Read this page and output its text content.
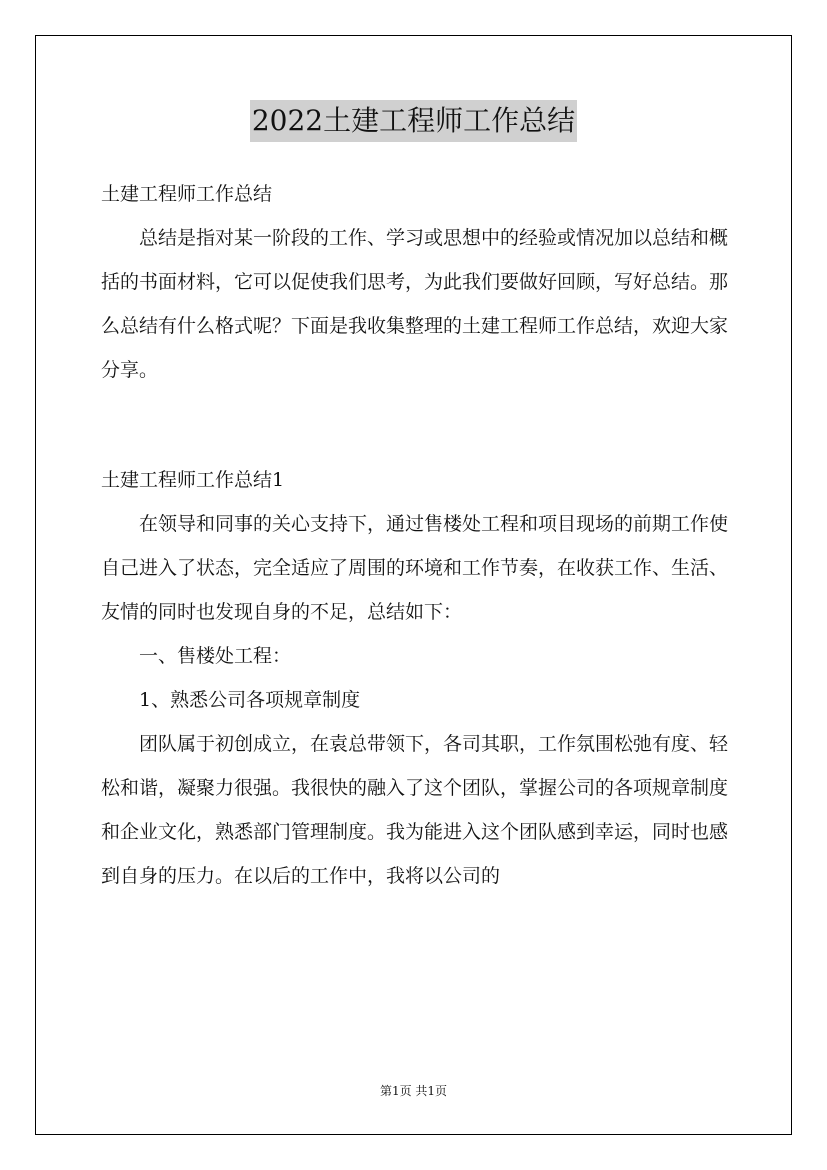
2022土建工程师工作总结

土建工程师工作总结

总结是指对某一阶段的工作、学习或思想中的经验或情况加以总结和概括的书面材料，它可以促使我们思考，为此我们要做好回顾，写好总结。那么总结有什么格式呢？下面是我收集整理的土建工程师工作总结，欢迎大家分享。

土建工程师工作总结1

在领导和同事的关心支持下，通过售楼处工程和项目现场的前期工作使自己进入了状态，完全适应了周围的环境和工作节奏，在收获工作、生活、友情的同时也发现自身的不足，总结如下：

一、售楼处工程：

1、熟悉公司各项规章制度

团队属于初创成立，在袁总带领下，各司其职，工作氛围松弛有度、轻松和谐，凝聚力很强。我很快的融入了这个团队，掌握公司的各项规章制度和企业文化，熟悉部门管理制度。我为能进入这个团队感到幸运，同时也感到自身的压力。在以后的工作中，我将以公司的

第1页 共1页
